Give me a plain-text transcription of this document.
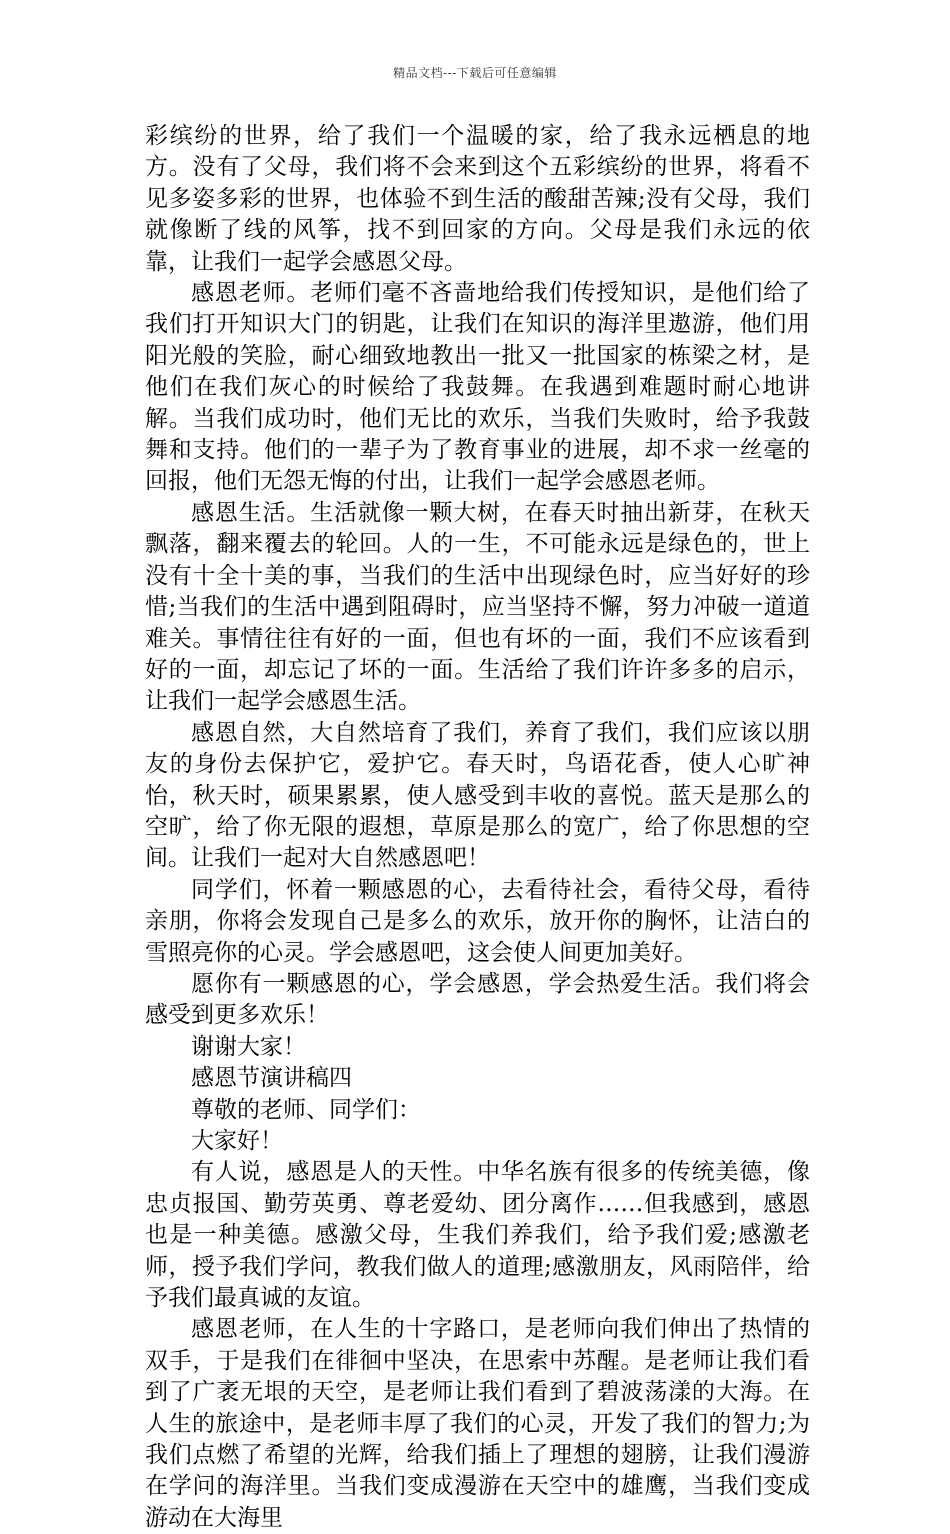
精品文档---下载后可任意编辑

彩缤纷的世界，给了我们一个温暖的家，给了我永远栖息的地方。没有了父母，我们将不会来到这个五彩缤纷的世界，将看不见多姿多彩的世界，也体验不到生活的酸甜苦辣;没有父母，我们就像断了线的风筝，找不到回家的方向。父母是我们永远的依靠，让我们一起学会感恩父母。

感恩老师。老师们毫不吝啬地给我们传授知识，是他们给了我们打开知识大门的钥匙，让我们在知识的海洋里遨游，他们用阳光般的笑脸，耐心细致地教出一批又一批国家的栋梁之材，是他们在我们灰心的时候给了我鼓舞。在我遇到难题时耐心地讲解。当我们成功时，他们无比的欢乐，当我们失败时，给予我鼓舞和支持。他们的一辈子为了教育事业的进展，却不求一丝毫的回报，他们无怨无悔的付出，让我们一起学会感恩老师。

感恩生活。生活就像一颗大树，在春天时抽出新芽，在秋天飘落，翻来覆去的轮回。人的一生，不可能永远是绿色的，世上没有十全十美的事，当我们的生活中出现绿色时，应当好好的珍惜;当我们的生活中遇到阻碍时，应当坚持不懈，努力冲破一道道难关。事情往往有好的一面，但也有坏的一面，我们不应该看到好的一面，却忘记了坏的一面。生活给了我们许许多多的启示，让我们一起学会感恩生活。

感恩自然，大自然培育了我们，养育了我们，我们应该以朋友的身份去保护它，爱护它。春天时，鸟语花香，使人心旷神怡，秋天时，硕果累累，使人感受到丰收的喜悦。蓝天是那么的空旷，给了你无限的遐想，草原是那么的宽广，给了你思想的空间。让我们一起对大自然感恩吧！

同学们，怀着一颗感恩的心，去看待社会，看待父母，看待亲朋，你将会发现自己是多么的欢乐，放开你的胸怀，让洁白的雪照亮你的心灵。学会感恩吧，这会使人间更加美好。

愿你有一颗感恩的心，学会感恩，学会热爱生活。我们将会感受到更多欢乐！

谢谢大家！

感恩节演讲稿四

尊敬的老师、同学们：

大家好！

有人说，感恩是人的天性。中华名族有很多的传统美德，像忠贞报国、勤劳英勇、尊老爱幼、团分离作……但我感到，感恩也是一种美德。感激父母，生我们养我们，给予我们爱;感激老师，授予我们学问，教我们做人的道理;感激朋友，风雨陪伴，给予我们最真诚的友谊。

感恩老师，在人生的十字路口，是老师向我们伸出了热情的双手，于是我们在徘徊中坚决，在思索中苏醒。是老师让我们看到了广袤无垠的天空，是老师让我们看到了碧波荡漾的大海。在人生的旅途中，是老师丰厚了我们的心灵，开发了我们的智力;为我们点燃了希望的光辉，给我们插上了理想的翅膀，让我们漫游在学问的海洋里。当我们变成漫游在天空中的雄鹰，当我们变成游动在大海里
